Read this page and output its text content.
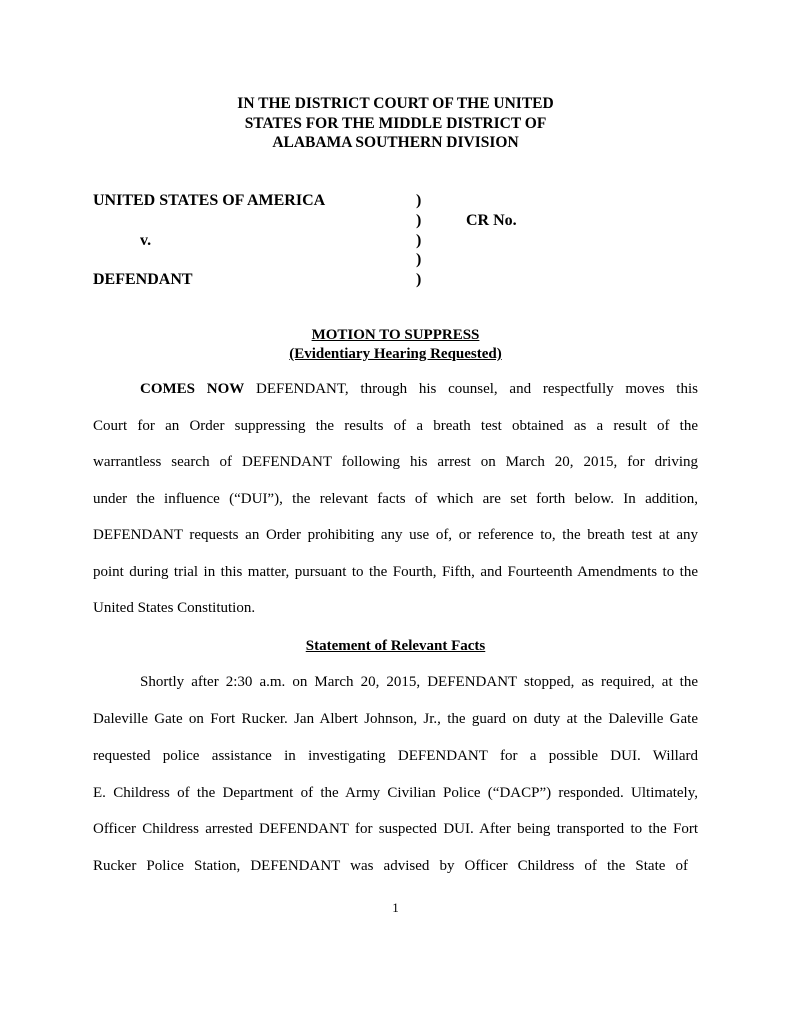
IN THE DISTRICT COURT OF THE UNITED
STATES FOR THE MIDDLE DISTRICT OF
ALABAMA SOUTHERN DIVISION
UNITED STATES OF AMERICA
v.
DEFENDANT
)
)
)
)
)
CR No.
MOTION TO SUPPRESS
(Evidentiary Hearing Requested)
COMES NOW DEFENDANT, through his counsel, and respectfully moves this
Court for an Order suppressing the results of a breath test obtained as a result of the
warrantless search of DEFENDANT following his arrest on March 20, 2015, for driving
under the influence (“DUI”), the relevant facts of which are set forth below. In addition,
DEFENDANT requests an Order prohibiting any use of, or reference to, the breath test at any
point during trial in this matter, pursuant to the Fourth, Fifth, and Fourteenth Amendments to the
United States Constitution.
Statement of Relevant Facts
Shortly after 2:30 a.m. on March 20, 2015, DEFENDANT stopped, as required, at the
Daleville Gate on Fort Rucker. Jan Albert Johnson, Jr., the guard on duty at the Daleville Gate
requested police assistance in investigating DEFENDANT for a possible DUI. Willard
E. Childress of the Department of the Army Civilian Police (“DACP”) responded. Ultimately,
Officer Childress arrested DEFENDANT for suspected DUI. After being transported to the Fort
Rucker Police Station, DEFENDANT was advised by Officer Childress of the State of
1
